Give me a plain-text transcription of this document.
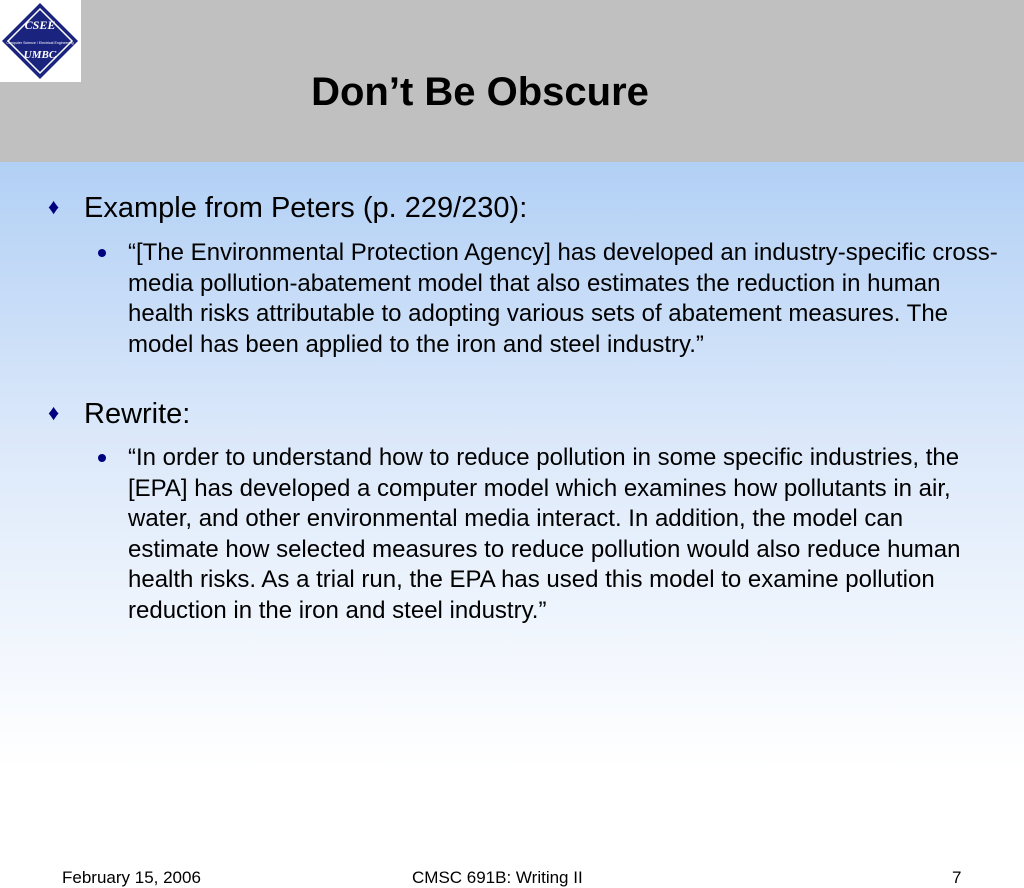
CSEE
Computer Science / Electrical Engineering
UMBC
Don’t Be Obscure
♦ Example from Peters (p. 229/230):
“[The Environmental Protection Agency] has developed an industry-specific cross-media pollution-abatement model that also estimates the reduction in human health risks attributable to adopting various sets of abatement measures. The model has been applied to the iron and steel industry.”
♦ Rewrite:
“In order to understand how to reduce pollution in some specific industries, the [EPA] has developed a computer model which examines how pollutants in air, water, and other environmental media interact. In addition, the model can estimate how selected measures to reduce pollution would also reduce human health risks. As a trial run, the EPA has used this model to examine pollution reduction in the iron and steel industry.”
February 15, 2006	CMSC 691B: Writing II	7
